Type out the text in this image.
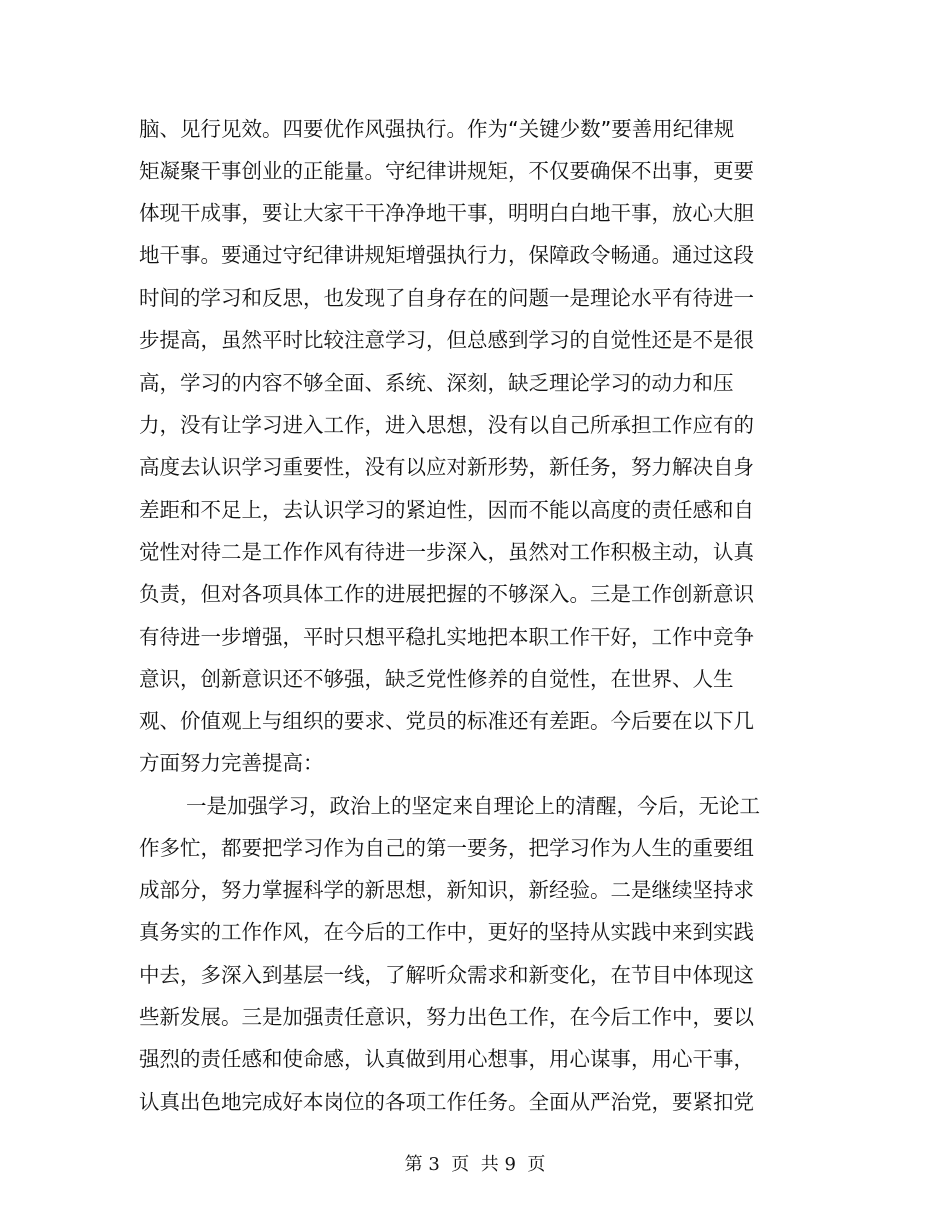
脑、见行见效。四要优作风强执行。作为“关键少数”要善用纪律规
矩凝聚干事创业的正能量。守纪律讲规矩，不仅要确保不出事，更要
体现干成事，要让大家干干净净地干事，明明白白地干事，放心大胆
地干事。要通过守纪律讲规矩增强执行力，保障政令畅通。通过这段
时间的学习和反思，也发现了自身存在的问题一是理论水平有待进一
步提高，虽然平时比较注意学习，但总感到学习的自觉性还是不是很
高，学习的内容不够全面、系统、深刻，缺乏理论学习的动力和压
力，没有让学习进入工作，进入思想，没有以自己所承担工作应有的
高度去认识学习重要性，没有以应对新形势，新任务，努力解决自身
差距和不足上，去认识学习的紧迫性，因而不能以高度的责任感和自
觉性对待二是工作作风有待进一步深入，虽然对工作积极主动，认真
负责，但对各项具体工作的进展把握的不够深入。三是工作创新意识
有待进一步增强，平时只想平稳扎实地把本职工作干好，工作中竞争
意识，创新意识还不够强，缺乏党性修养的自觉性，在世界、人生
观、价值观上与组织的要求、党员的标准还有差距。今后要在以下几
方面努力完善提高：
一是加强学习，政治上的坚定来自理论上的清醒，今后，无论工
作多忙，都要把学习作为自己的第一要务，把学习作为人生的重要组
成部分，努力掌握科学的新思想，新知识，新经验。二是继续坚持求
真务实的工作作风，在今后的工作中，更好的坚持从实践中来到实践
中去，多深入到基层一线，了解听众需求和新变化，在节目中体现这
些新发展。三是加强责任意识，努力出色工作，在今后工作中，要以
强烈的责任感和使命感，认真做到用心想事，用心谋事，用心干事，
认真出色地完成好本岗位的各项工作任务。全面从严治党，要紧扣党
第 3  页  共 9  页
